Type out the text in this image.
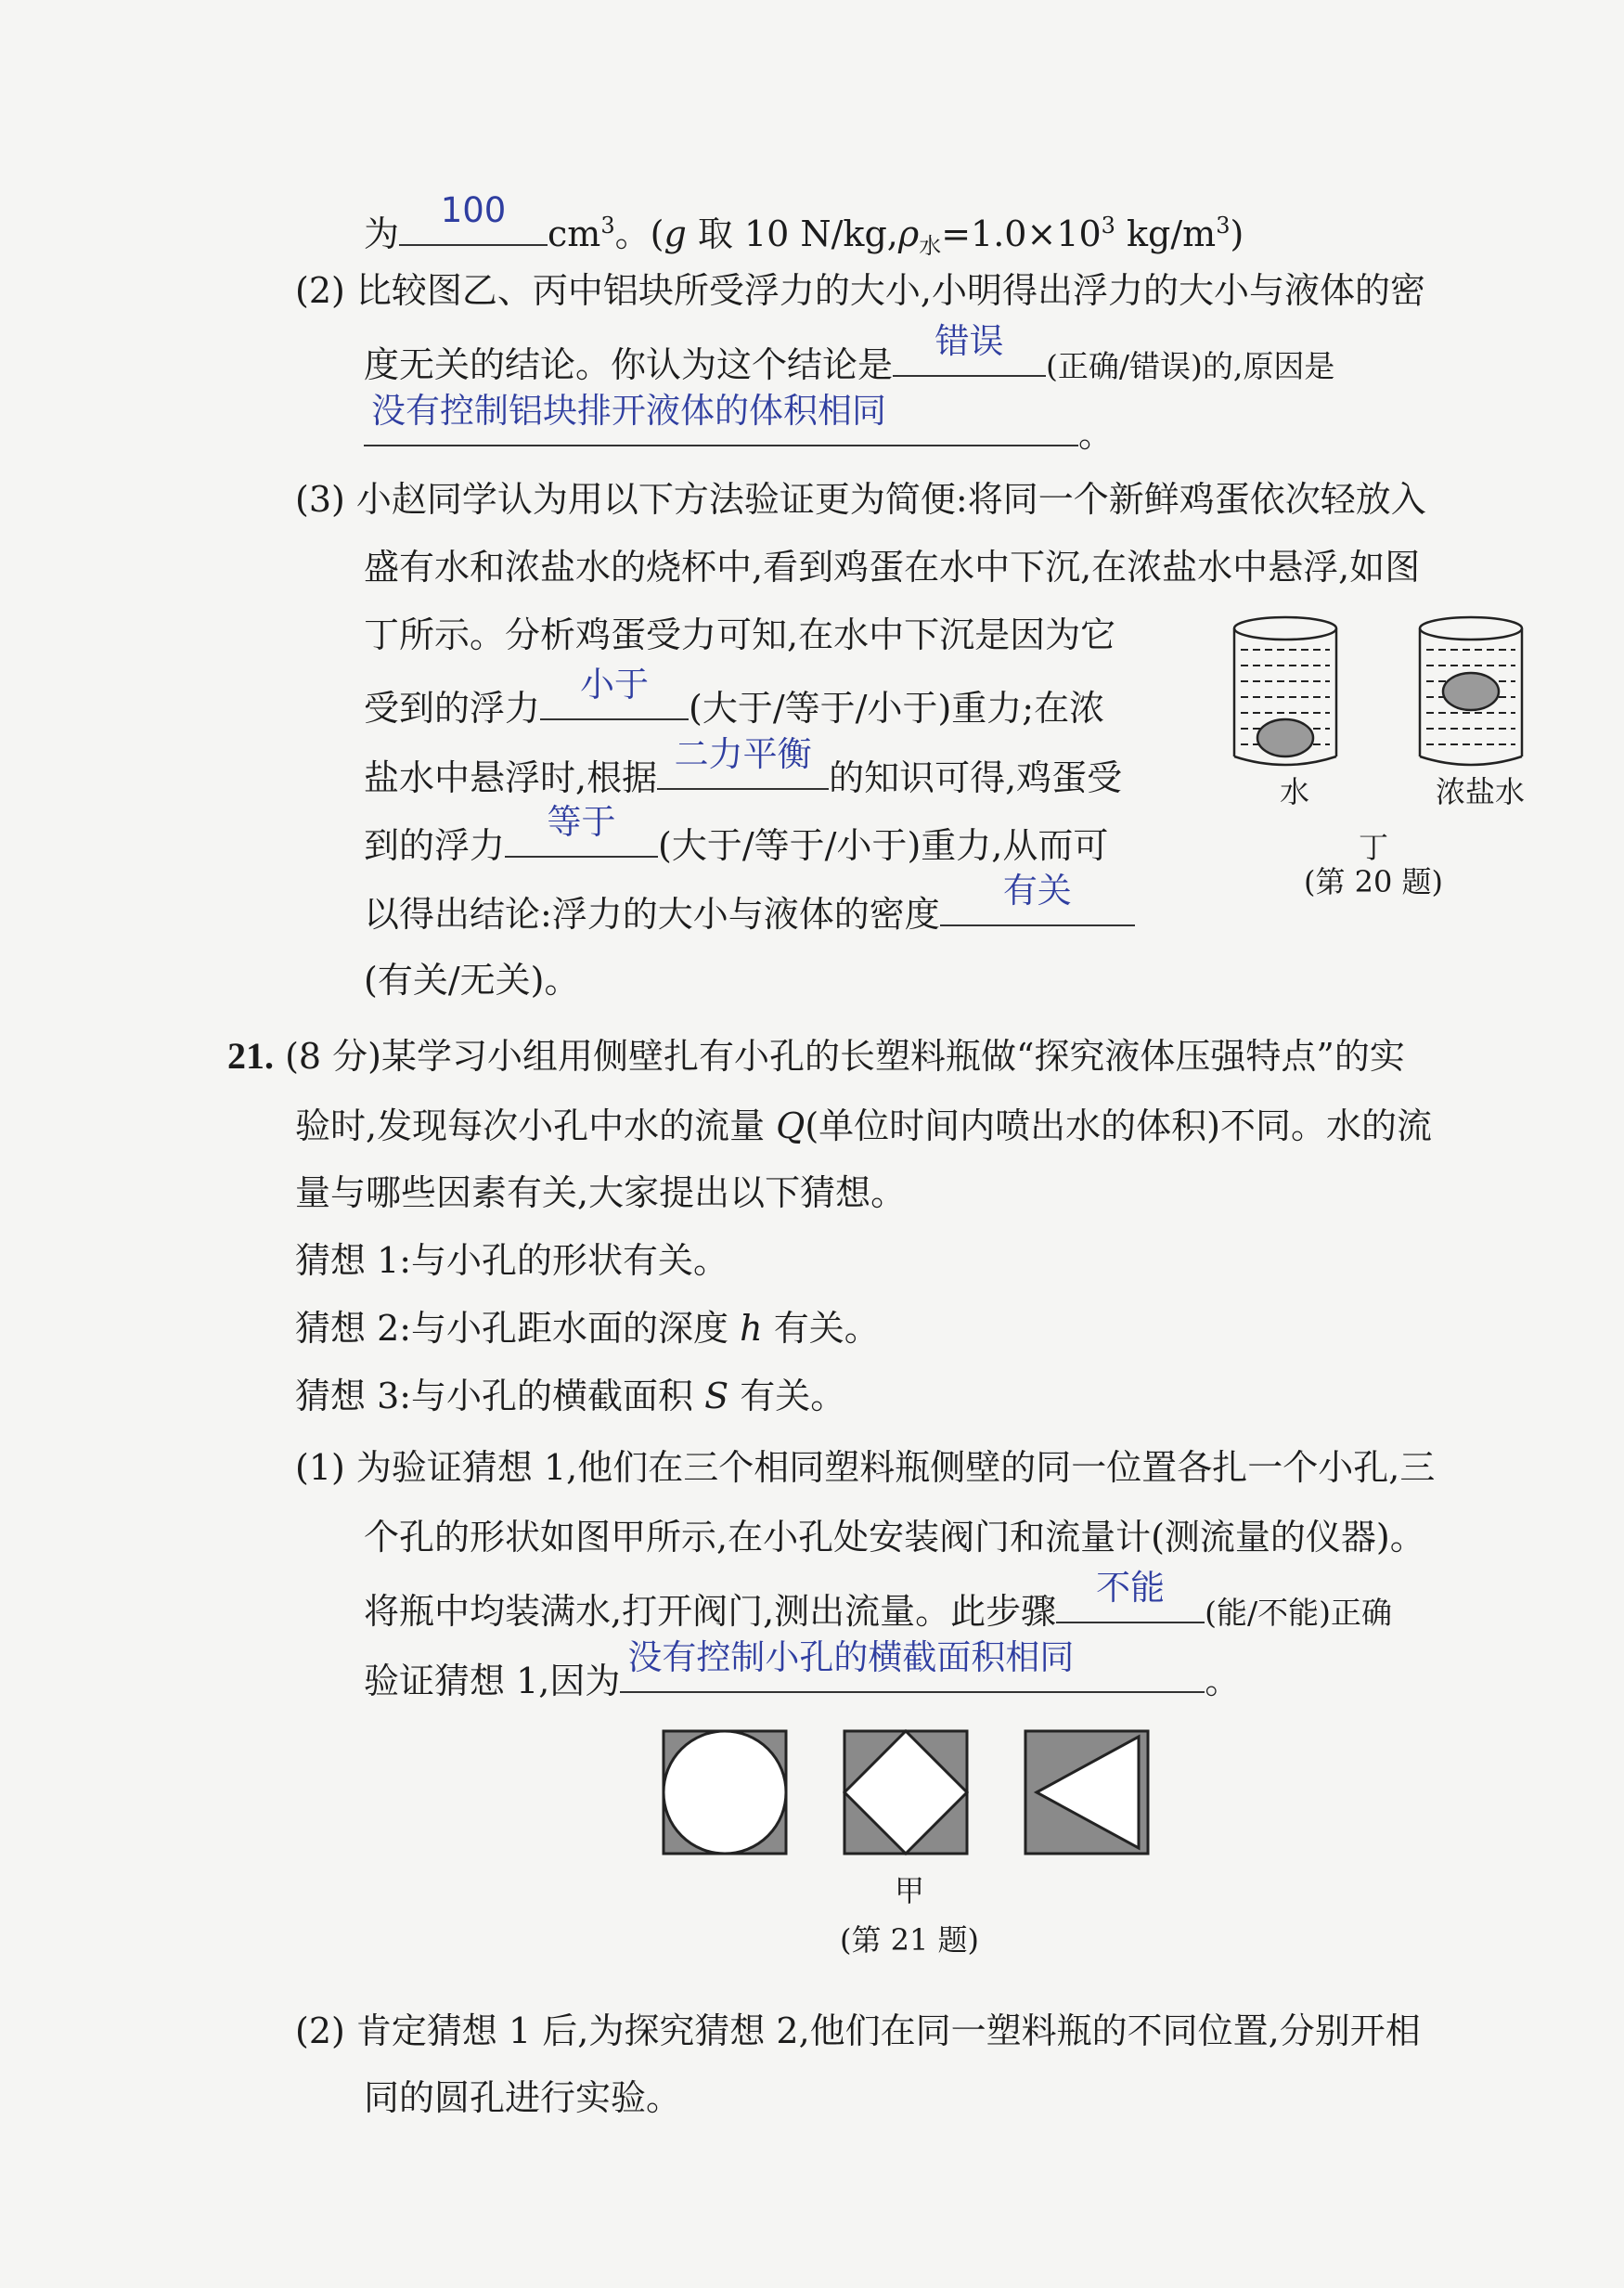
为
100
$cm^3$。(g 取 10 $N/kg,\rho_水=1.0\times 10^3$ $kg/m^3$)
(2) 比较图乙、丙中铝块所受浮力的大小,小明得出浮力的大小与液体的密
度无关的结论。你认为这个结论是
错误
(正确/错误)的,原因是
没有控制铝块排开液体的体积相同
。
(3) 小赵同学认为用以下方法验证更为简便:将同一个新鲜鸡蛋依次轻放入
盛有水和浓盐水的烧杯中,看到鸡蛋在水中下沉,在浓盐水中悬浮,如图
丁所示。分析鸡蛋受力可知,在水中下沉是因为它
受到的浮力
小于
(大于/等于/小于)重力;在浓
盐水中悬浮时,根据
二力平衡
的知识可得,鸡蛋受
到的浮力
等于
(大于/等于/小于)重力,从而可
以得出结论:浮力的大小与液体的密度
有关
(有关/无关)。
水	浓盐水
丁
(第 20 题)
21. (8 分)某学习小组用侧壁扎有小孔的长塑料瓶做“探究液体压强特点”的实
验时,发现每次小孔中水的流量 Q(单位时间内喷出水的体积)不同。水的流
量与哪些因素有关,大家提出以下猜想。
猜想 1:与小孔的形状有关。
猜想 2:与小孔距水面的深度 h 有关。
猜想 3:与小孔的横截面积 S 有关。
(1) 为验证猜想 1,他们在三个相同塑料瓶侧壁的同一位置各扎一个小孔,三
个孔的形状如图甲所示,在小孔处安装阀门和流量计(测流量的仪器)。
将瓶中均装满水,打开阀门,测出流量。此步骤
不能
(能/不能)正确
验证猜想 1,因为
没有控制小孔的横截面积相同
。
甲
(第 21 题)
(2) 肯定猜想 1 后,为探究猜想 2,他们在同一塑料瓶的不同位置,分别开相
同的圆孔进行实验。
